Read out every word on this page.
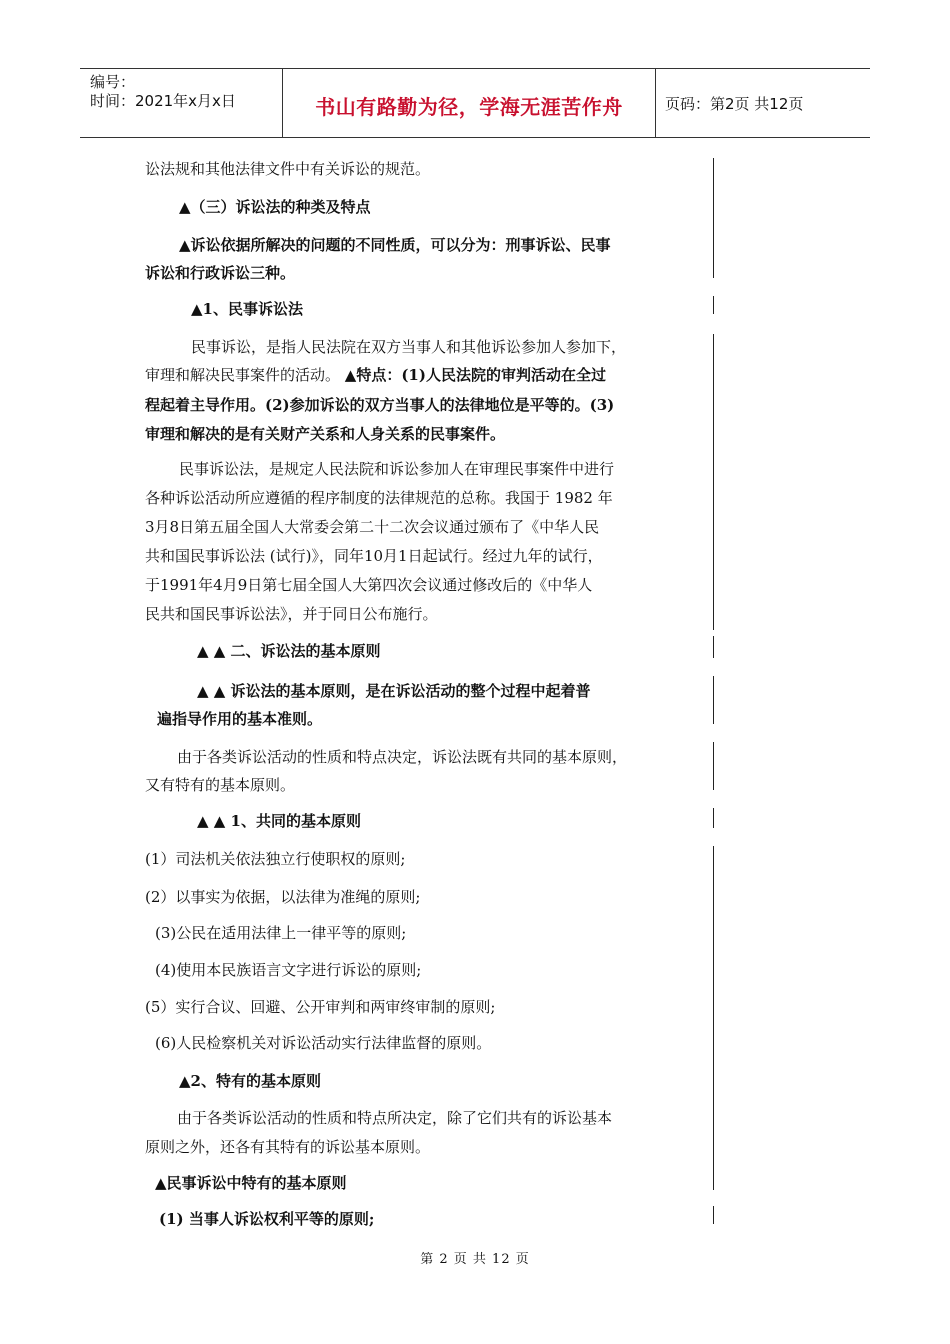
编号：
时间：2021年x月x日	书山有路勤为径，学海无涯苦作舟	页码：第2页 共12页
讼法规和其他法律文件中有关诉讼的规范。
▲（三）诉讼法的种类及特点
▲诉讼依据所解决的问题的不同性质，可以分为：刑事诉讼、民事
诉讼和行政诉讼三种。
▲1、民事诉讼法
民事诉讼，是指人民法院在双方当事人和其他诉讼参加人参加下，
审理和解决民事案件的活动。 ▲特点：(1)人民法院的审判活动在全过
程起着主导作用。(2)参加诉讼的双方当事人的法律地位是平等的。(3)
审理和解决的是有关财产关系和人身关系的民事案件。
民事诉讼法，是规定人民法院和诉讼参加人在审理民事案件中进行
各种诉讼活动所应遵循的程序制度的法律规范的总称。我国于 1982 年
3月8日第五届全国人大常委会第二十二次会议通过颁布了《中华人民
共和国民事诉讼法 (试行)》，同年10月1日起试行。经过九年的试行，
于1991年4月9日第七届全国人大第四次会议通过修改后的《中华人
民共和国民事诉讼法》，并于同日公布施行。
▲ ▲ 二、诉讼法的基本原则
▲ ▲ 诉讼法的基本原则，是在诉讼活动的整个过程中起着普
遍指导作用的基本准则。
由于各类诉讼活动的性质和特点决定，诉讼法既有共同的基本原则，
又有特有的基本原则。
▲ ▲ 1、共同的基本原则
(1）司法机关依法独立行使职权的原则;
(2）以事实为依据，以法律为准绳的原则;
(3)公民在适用法律上一律平等的原则;
(4)使用本民族语言文字进行诉讼的原则;
(5）实行合议、回避、公开审判和两审终审制的原则;
(6)人民检察机关对诉讼活动实行法律监督的原则。
▲2、特有的基本原则
由于各类诉讼活动的性质和特点所决定，除了它们共有的诉讼基本
原则之外，还各有其特有的诉讼基本原则。
▲民事诉讼中特有的基本原则
(1) 当事人诉讼权利平等的原则;
第 2 页 共 12 页
